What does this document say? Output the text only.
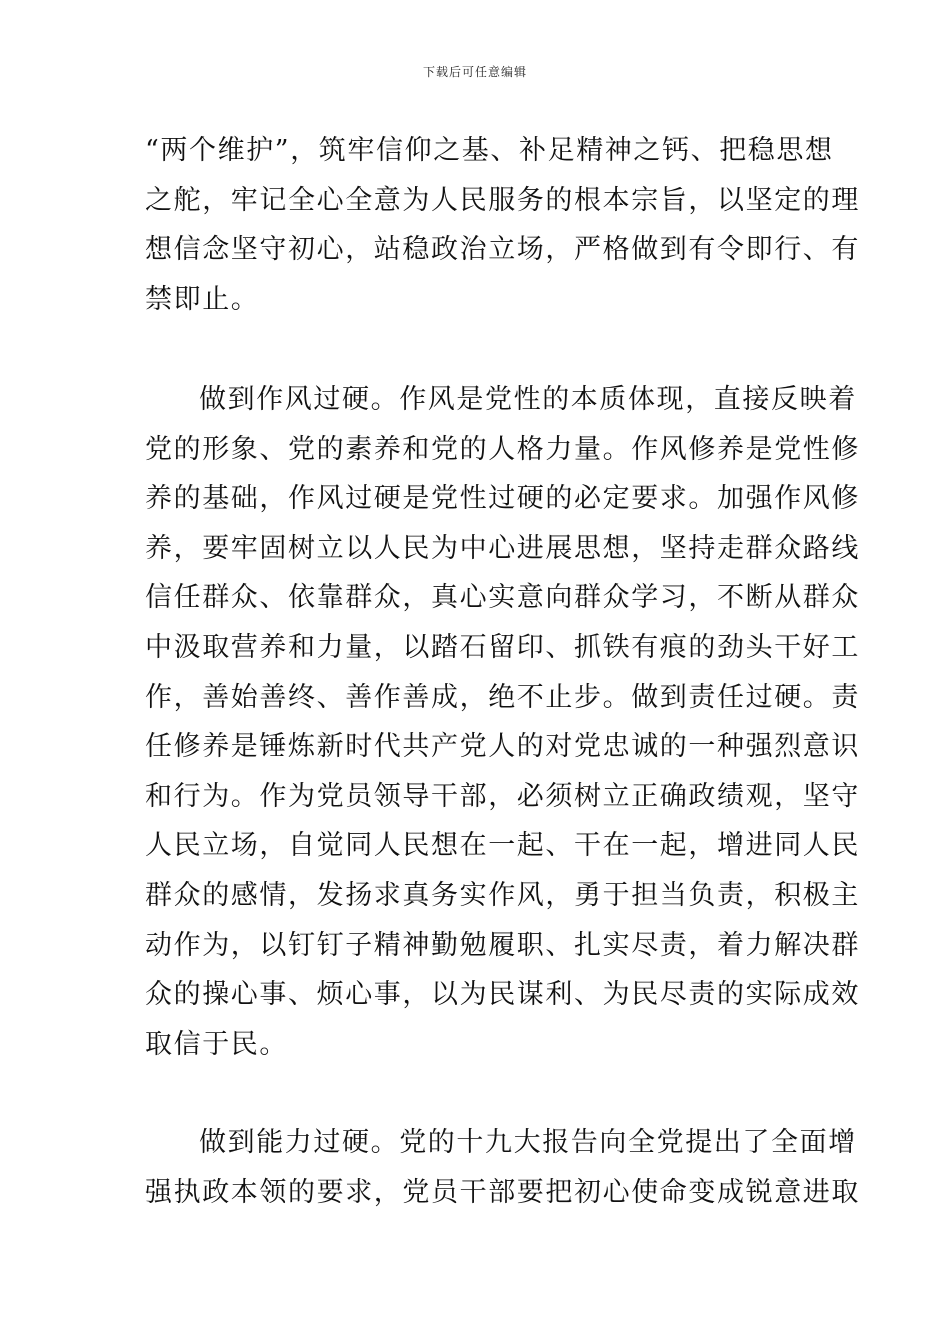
下载后可任意编辑
“两个维护”，筑牢信仰之基、补足精神之钙、把稳思想
之舵，牢记全心全意为人民服务的根本宗旨，以坚定的理
想信念坚守初心，站稳政治立场，严格做到有令即行、有
禁即止。
做到作风过硬。作风是党性的本质体现，直接反映着
党的形象、党的素养和党的人格力量。作风修养是党性修
养的基础，作风过硬是党性过硬的必定要求。加强作风修
养，要牢固树立以人民为中心进展思想，坚持走群众路线
信任群众、依靠群众，真心实意向群众学习，不断从群众
中汲取营养和力量，以踏石留印、抓铁有痕的劲头干好工
作，善始善终、善作善成，绝不止步。做到责任过硬。责
任修养是锤炼新时代共产党人的对党忠诚的一种强烈意识
和行为。作为党员领导干部，必须树立正确政绩观，坚守
人民立场，自觉同人民想在一起、干在一起，增进同人民
群众的感情，发扬求真务实作风，勇于担当负责，积极主
动作为，以钉钉子精神勤勉履职、扎实尽责，着力解决群
众的操心事、烦心事，以为民谋利、为民尽责的实际成效
取信于民。
做到能力过硬。党的十九大报告向全党提出了全面增
强执政本领的要求，党员干部要把初心使命变成锐意进取
